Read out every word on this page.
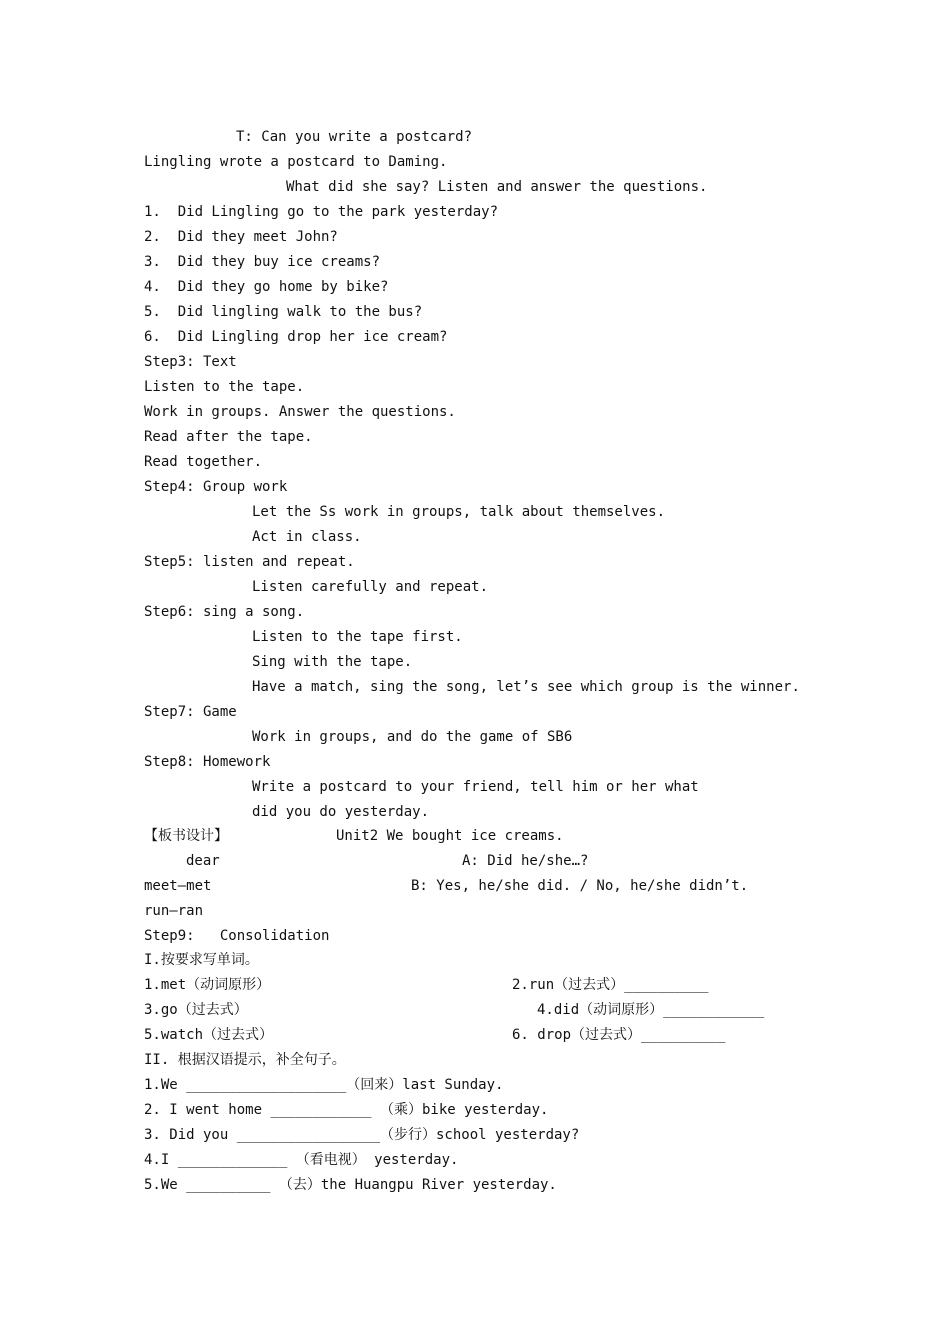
T: Can you write a postcard?
Lingling wrote a postcard to Daming.
What did she say? Listen and answer the questions.
1.  Did Lingling go to the park yesterday?
2.  Did they meet John?
3.  Did they buy ice creams?
4.  Did they go home by bike?
5.  Did lingling walk to the bus?
6.  Did Lingling drop her ice cream?
Step3: Text
Listen to the tape.
Work in groups. Answer the questions.
Read after the tape.
Read together.
Step4: Group work
Let the Ss work in groups, talk about themselves.
Act in class.
Step5: listen and repeat.
Listen carefully and repeat.
Step6: sing a song.
Listen to the tape first.
Sing with the tape.
Have a match, sing the song, let’s see which group is the winner.
Step7: Game
Work in groups, and do the game of SB6
Step8: Homework
Write a postcard to your friend, tell him or her what
did you do yesterday.
【板书设计】	Unit2 We bought ice creams.
dear	A: Did he/she…?
meet—met	B: Yes, he/she did. / No, he/she didn’t.
run—ran
Step9:   Consolidation
I.按要求写单词。
1.met（动词原形）	2.run（过去式）__________
3.go（过去式）	4.did（动词原形）____________
5.watch（过去式）	6. drop（过去式）__________
II. 根据汉语提示，补全句子。
1.We ___________________（回来）last Sunday.
2. I went home ____________ （乘）bike yesterday.
3. Did you _________________（步行）school yesterday?
4.I _____________ （看电视） yesterday.
5.We __________ （去）the Huangpu River yesterday.
